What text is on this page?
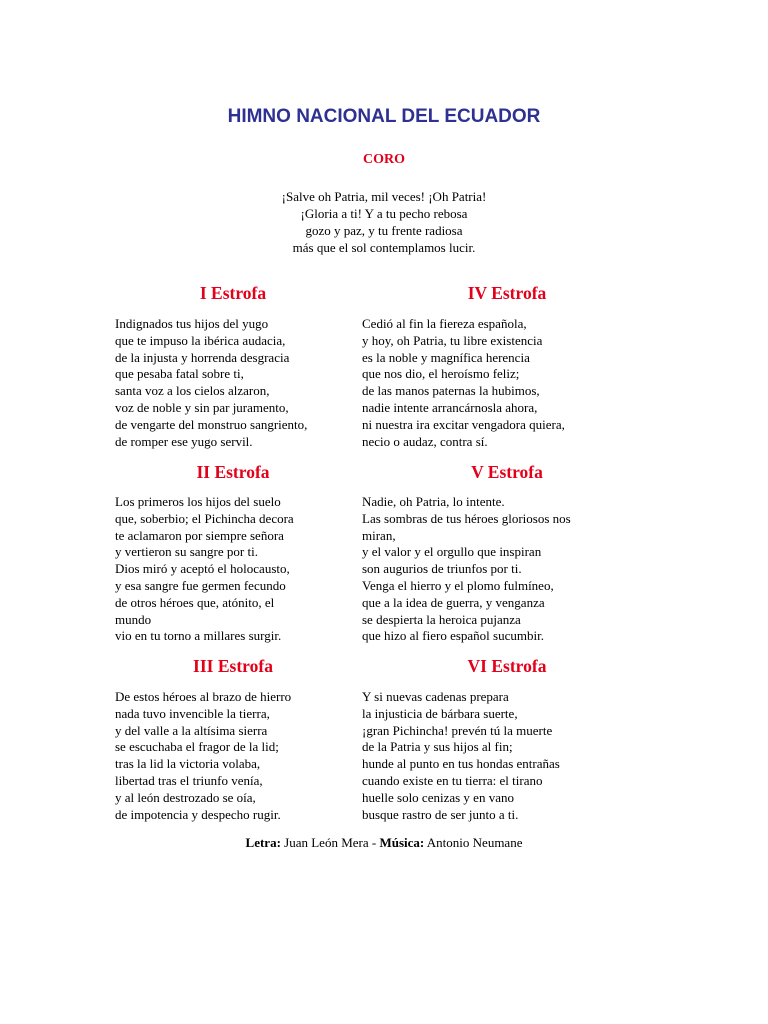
HIMNO NACIONAL DEL ECUADOR
CORO
¡Salve oh Patria, mil veces! ¡Oh Patria!
¡Gloria a ti! Y a tu pecho rebosa
gozo y paz, y tu frente radiosa
más que el sol contemplamos lucir.
I Estrofa
Indignados tus hijos del yugo
que te impuso la ibérica audacia,
de la injusta y horrenda desgracia
que pesaba fatal sobre ti,
santa voz a los cielos alzaron,
voz de noble y sin par juramento,
de vengarte del monstruo sangriento,
de romper ese yugo servil.
IV Estrofa
Cedió al fin la fiereza española,
y hoy, oh Patria, tu libre existencia
es la noble y magnífica herencia
que nos dio, el heroísmo feliz;
de las manos paternas la hubimos,
nadie intente arrancárnosla ahora,
ni nuestra ira excitar vengadora quiera,
necio o audaz, contra sí.
II Estrofa
Los primeros los hijos del suelo
que, soberbio; el Pichincha decora
te aclamaron por siempre señora
y vertieron su sangre por ti.
Dios miró y aceptó el holocausto,
y esa sangre fue germen fecundo
de otros héroes que, atónito, el
mundo
vio en tu torno a millares surgir.
V Estrofa
Nadie, oh Patria, lo intente.
Las sombras de tus héroes gloriosos nos
miran,
y el valor y el orgullo que inspiran
son augurios de triunfos por ti.
Venga el hierro y el plomo fulmíneo,
que a la idea de guerra, y venganza
se despierta la heroica pujanza
que hizo al fiero español sucumbir.
III Estrofa
De estos héroes al brazo de hierro
nada tuvo invencible la tierra,
y del valle a la altísima sierra
se escuchaba el fragor de la lid;
tras la lid la victoria volaba,
libertad tras el triunfo venía,
y al león destrozado se oía,
de impotencia y despecho rugir.
VI Estrofa
Y si nuevas cadenas prepara
la injusticia de bárbara suerte,
¡gran Pichincha! prevén tú la muerte
de la Patria y sus hijos al fin;
hunde al punto en tus hondas entrañas
cuando existe en tu tierra: el tirano
huelle solo cenizas y en vano
busque rastro de ser junto a ti.
Letra: Juan León Mera - Música: Antonio Neumane
